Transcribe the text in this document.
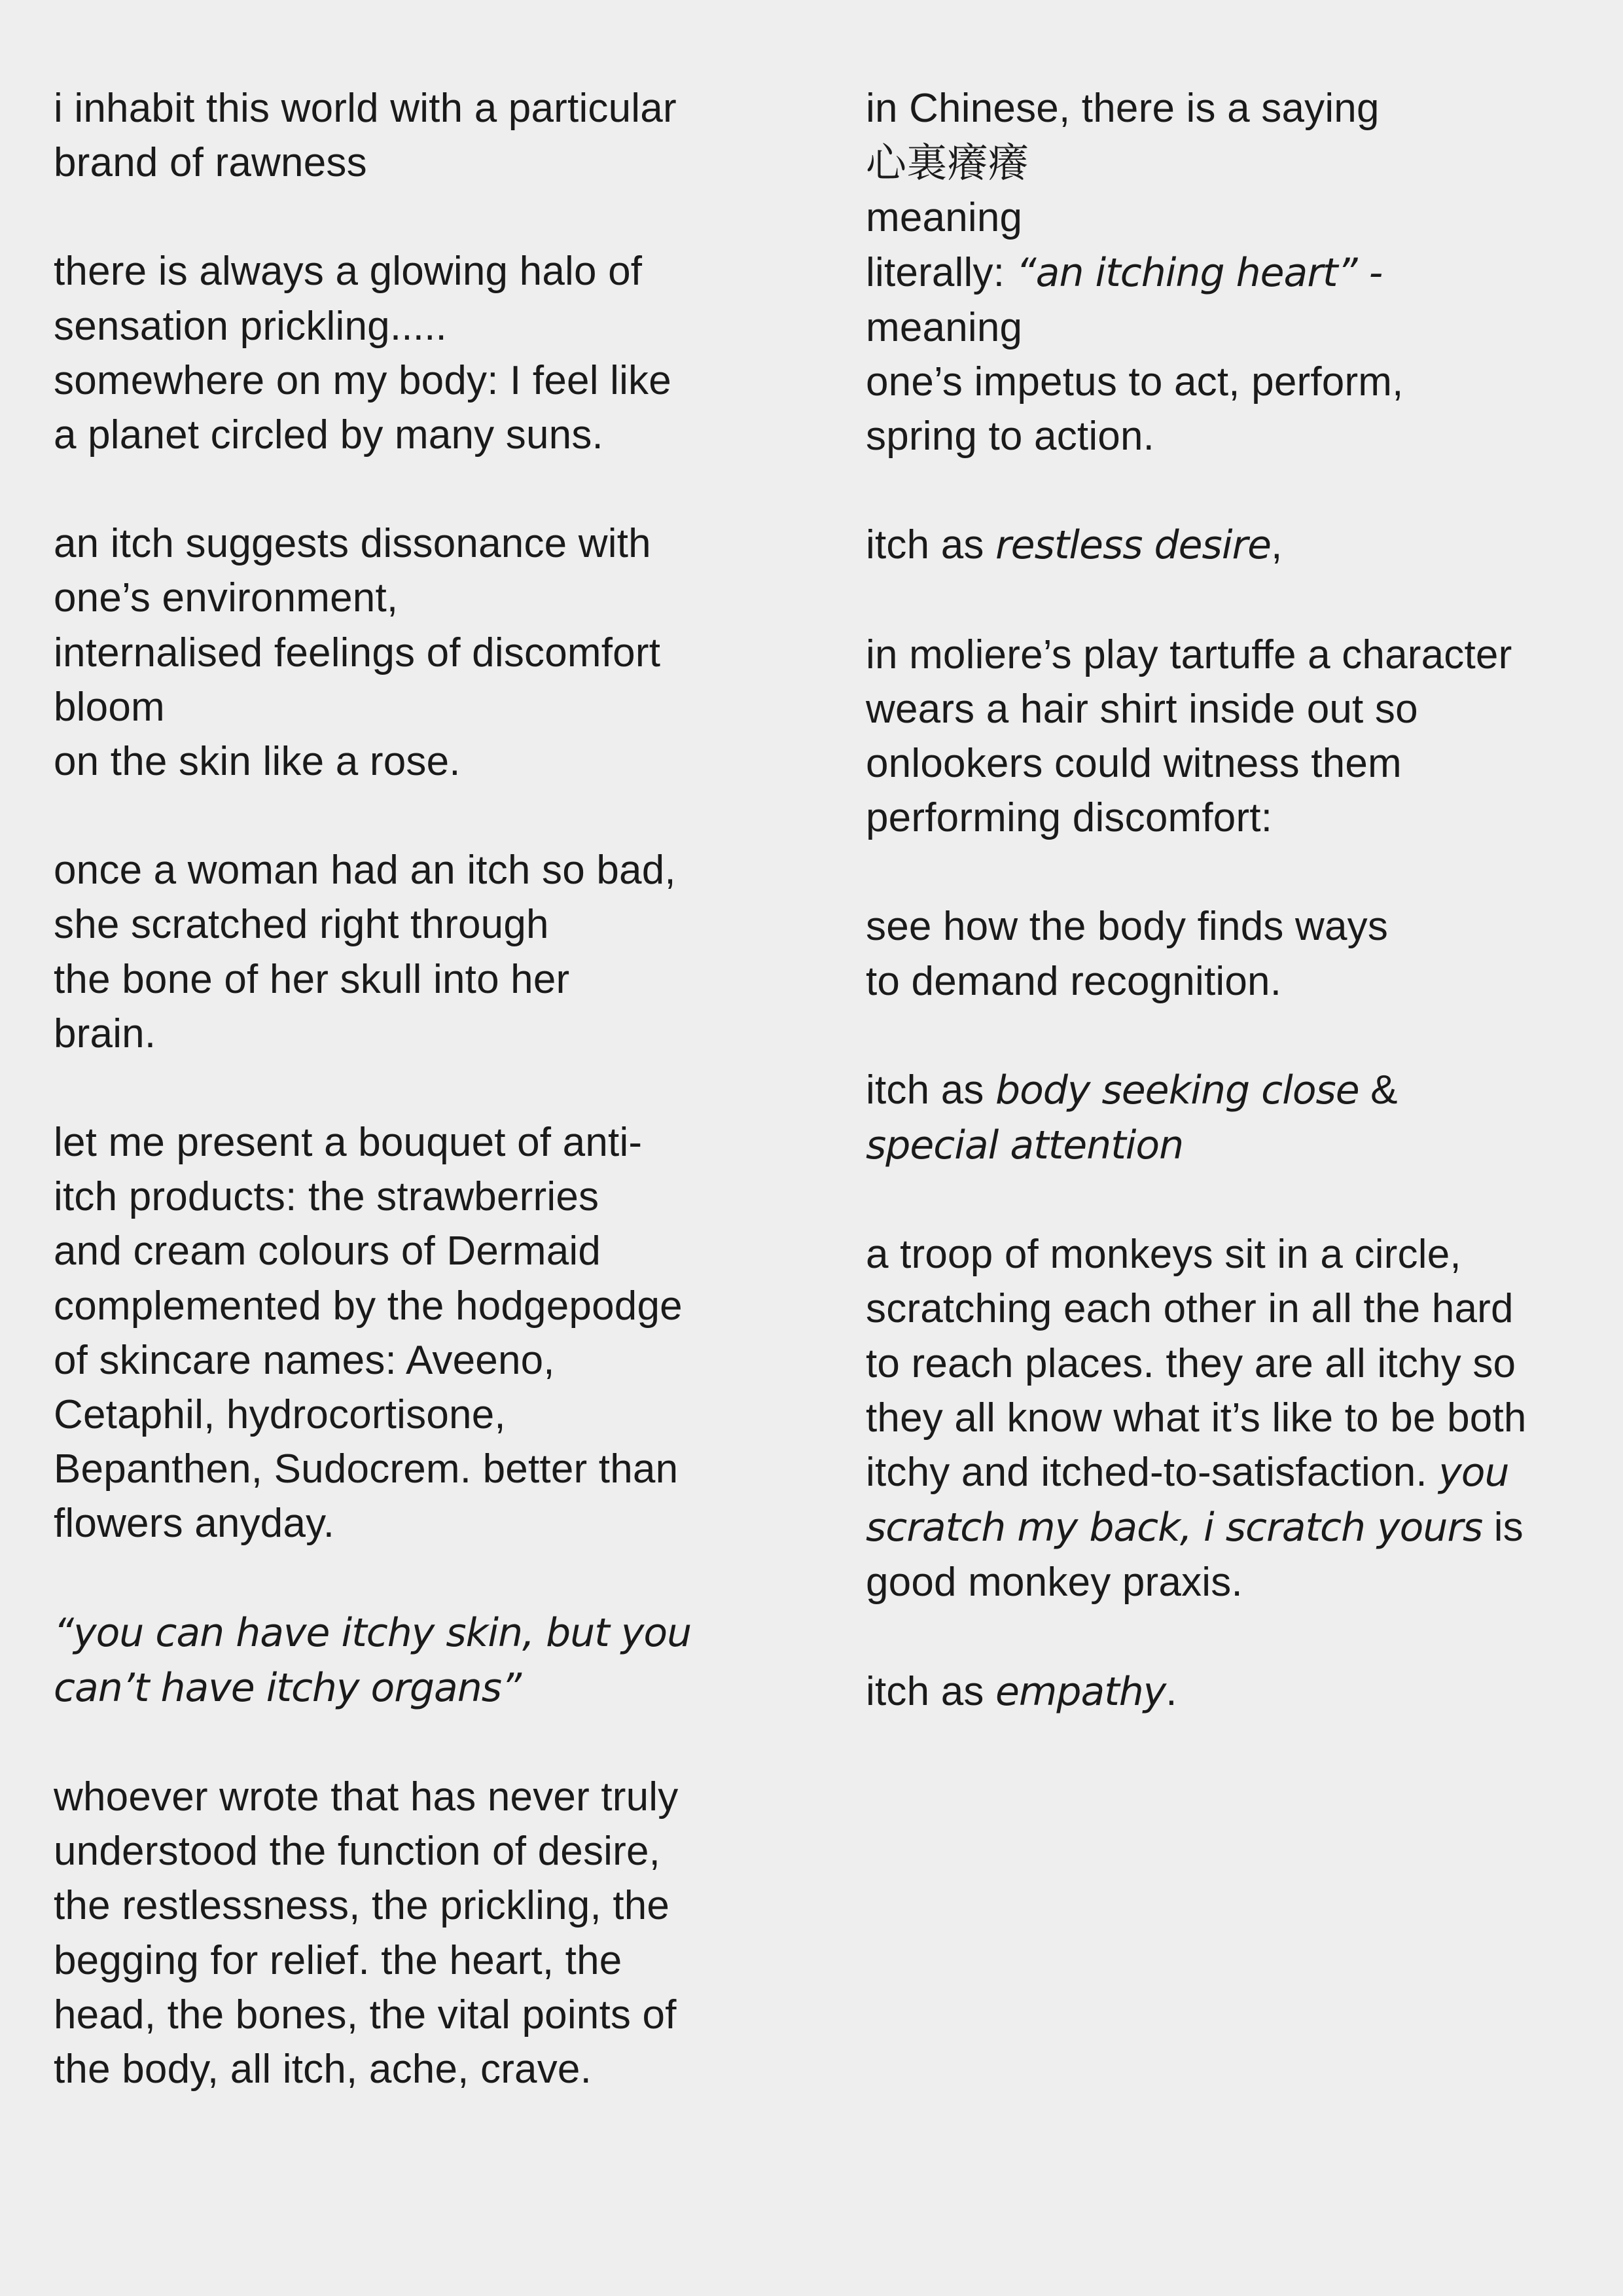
i inhabit this world with a particular
brand of rawness
there is always a glowing halo of
sensation prickling.....
somewhere on my body: I feel like
a planet circled by many suns.
an itch suggests dissonance with
one’s environment,
internalised feelings of discomfort
bloom
on the skin like a rose.
once a woman had an itch so bad,
she scratched right through
the bone of her skull into her
brain.
let me present a bouquet of anti-
itch products: the strawberries
and cream colours of Dermaid
complemented by the hodgepodge
of skincare names: Aveeno,
Cetaphil, hydrocortisone,
Bepanthen, Sudocrem. better than
flowers anyday.
“you can have itchy skin, but you
can’t have itchy organs”
whoever wrote that has never truly
understood the function of desire,
the restlessness, the prickling, the
begging for relief. the heart, the
head, the bones, the vital points of
the body, all itch, ache, crave.
in Chinese, there is a saying
心裏癢癢
meaning
literally: “an itching heart” -
meaning
one’s impetus to act, perform,
spring to action.
itch as restless desire,
in moliere’s play tartuffe a character
wears a hair shirt inside out so
onlookers could witness them
performing discomfort:
see how the body finds ways
to demand recognition.
itch as body seeking close &
special attention
a troop of monkeys sit in a circle,
scratching each other in all the hard
to reach places. they are all itchy so
they all know what it’s like to be both
itchy and itched-to-satisfaction. you
scratch my back, i scratch yours is
good monkey praxis.
itch as empathy.
